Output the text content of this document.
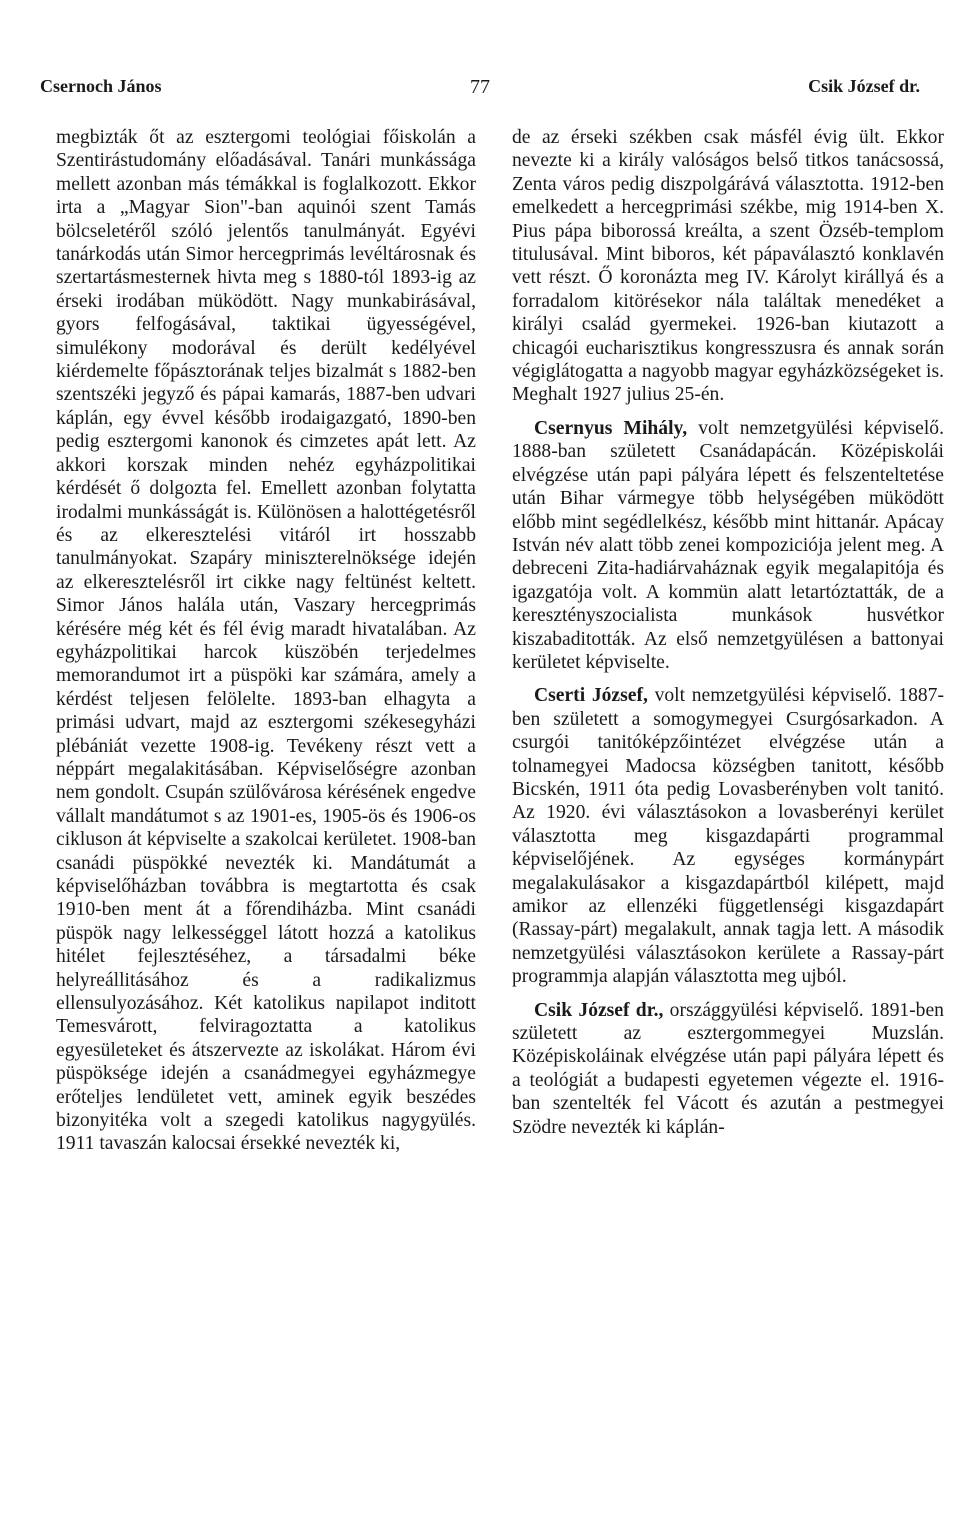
Csernoch János	77	Csik József dr.

megbizták őt az esztergomi teológiai főiskolán a Szentirástudomány előadásával. Tanári munkássága mellett azonban más témákkal is foglalkozott. Ekkor irta a „Magyar Sion"-ban aquinói szent Tamás bölcseletéről szóló jelentős tanulmányát. Egyévi tanárkodás után Simor hercegprimás levéltárosnak és szertartásmesternek hivta meg s 1880-tól 1893-ig az érseki irodában müködött. Nagy munkabirásával, gyors felfogásával, taktikai ügyességével, simulékony modorával és derült kedélyével kiérdemelte főpásztorának teljes bizalmát s 1882-ben szentszéki jegyző és pápai kamarás, 1887-ben udvari káplán, egy évvel később irodaigazgató, 1890-ben pedig esztergomi kanonok és cimzetes apát lett. Az akkori korszak minden nehéz egyházpolitikai kérdését ő dolgozta fel. Emellett azonban folytatta irodalmi munkásságát is. Különösen a halottégetésről és az elkeresztelési vitáról irt hosszabb tanulmányokat. Szapáry miniszterelnöksége idején az elkeresztelésről irt cikke nagy feltünést keltett. Simor János halála után, Vaszary hercegprimás kérésére még két és fél évig maradt hivatalában. Az egyházpolitikai harcok küszöbén terjedelmes memorandumot irt a püspöki kar számára, amely a kérdést teljesen felölelte. 1893-ban elhagyta a primási udvart, majd az esztergomi székesegyházi plébániát vezette 1908-ig. Tevékeny részt vett a néppárt megalakitásában. Képviselőségre azonban nem gondolt. Csupán szülővárosa kérésének engedve vállalt mandátumot s az 1901-es, 1905-ös és 1906-os cikluson át képviselte a szakolcai kerületet. 1908-ban csanádi püspökké nevezték ki. Mandátumát a képviselőházban továbbra is megtartotta és csak 1910-ben ment át a főrendiházba. Mint csanádi püspök nagy lelkességgel látott hozzá a katolikus hitélet fejlesztéséhez, a társadalmi béke helyreállitásához és a radikalizmus ellensulyozásához. Két katolikus napilapot inditott Temesvárott, felviragoztatta a katolikus egyesületeket és átszervezte az iskolákat. Három évi püspöksége idején a csanádmegyei egyházmegye erőteljes lendületet vett, aminek egyik beszédes bizonyitéka volt a szegedi katolikus nagygyülés. 1911 tavaszán kalocsai érsekké nevezték ki,

de az érseki székben csak másfél évig ült. Ekkor nevezte ki a király valóságos belső titkos tanácsossá, Zenta város pedig diszpolgárává választotta. 1912-ben emelkedett a hercegprimási székbe, mig 1914-ben X. Pius pápa biborossá kreálta, a szent Özséb-templom titulusával. Mint biboros, két pápaválasztó konklavén vett részt. Ő koronázta meg IV. Károlyt királlyá és a forradalom kitörésekor nála találtak menedéket a királyi család gyermekei. 1926-ban kiutazott a chicagói eucharisztikus kongresszusra és annak során végiglátogatta a nagyobb magyar egyházközségeket is. Meghalt 1927 julius 25-én.

Csernyus Mihály, volt nemzetgyülési képviselő. 1888-ban született Csanádapácán. Középiskolái elvégzése után papi pályára lépett és felszenteltetése után Bihar vármegye több helységében müködött előbb mint segédlelkész, később mint hittanár. Apácay István név alatt több zenei kompoziciója jelent meg. A debreceni Zita-hadiárvaháznak egyik megalapitója és igazgatója volt. A kommün alatt letartóztatták, de a keresztényszocialista munkások husvétkor kiszabaditották. Az első nemzetgyülésen a battonyai kerületet képviselte.

Cserti József, volt nemzetgyülési képviselő. 1887-ben született a somogymegyei Csurgósarkadon. A csurgói tanitóképzőintézet elvégzése után a tolnamegyei Madocsa községben tanitott, később Bicskén, 1911 óta pedig Lovasberényben volt tanitó. Az 1920. évi választásokon a lovasberényi kerület választotta meg kisgazdapárti programmal képviselőjének. Az egységes kormánypárt megalakulásakor a kisgazdapártból kilépett, majd amikor az ellenzéki függetlenségi kisgazdapárt (Rassay-párt) megalakult, annak tagja lett. A második nemzetgyülési választásokon kerülete a Rassay-párt programmja alapján választotta meg ujból.

Csik József dr., országgyülési képviselő. 1891-ben született az esztergommegyei Muzslán. Középiskoláinak elvégzése után papi pályára lépett és a teológiát a budapesti egyetemen végezte el. 1916-ban szentelték fel Vácott és azután a pestmegyei Szödre nevezték ki káplán-
